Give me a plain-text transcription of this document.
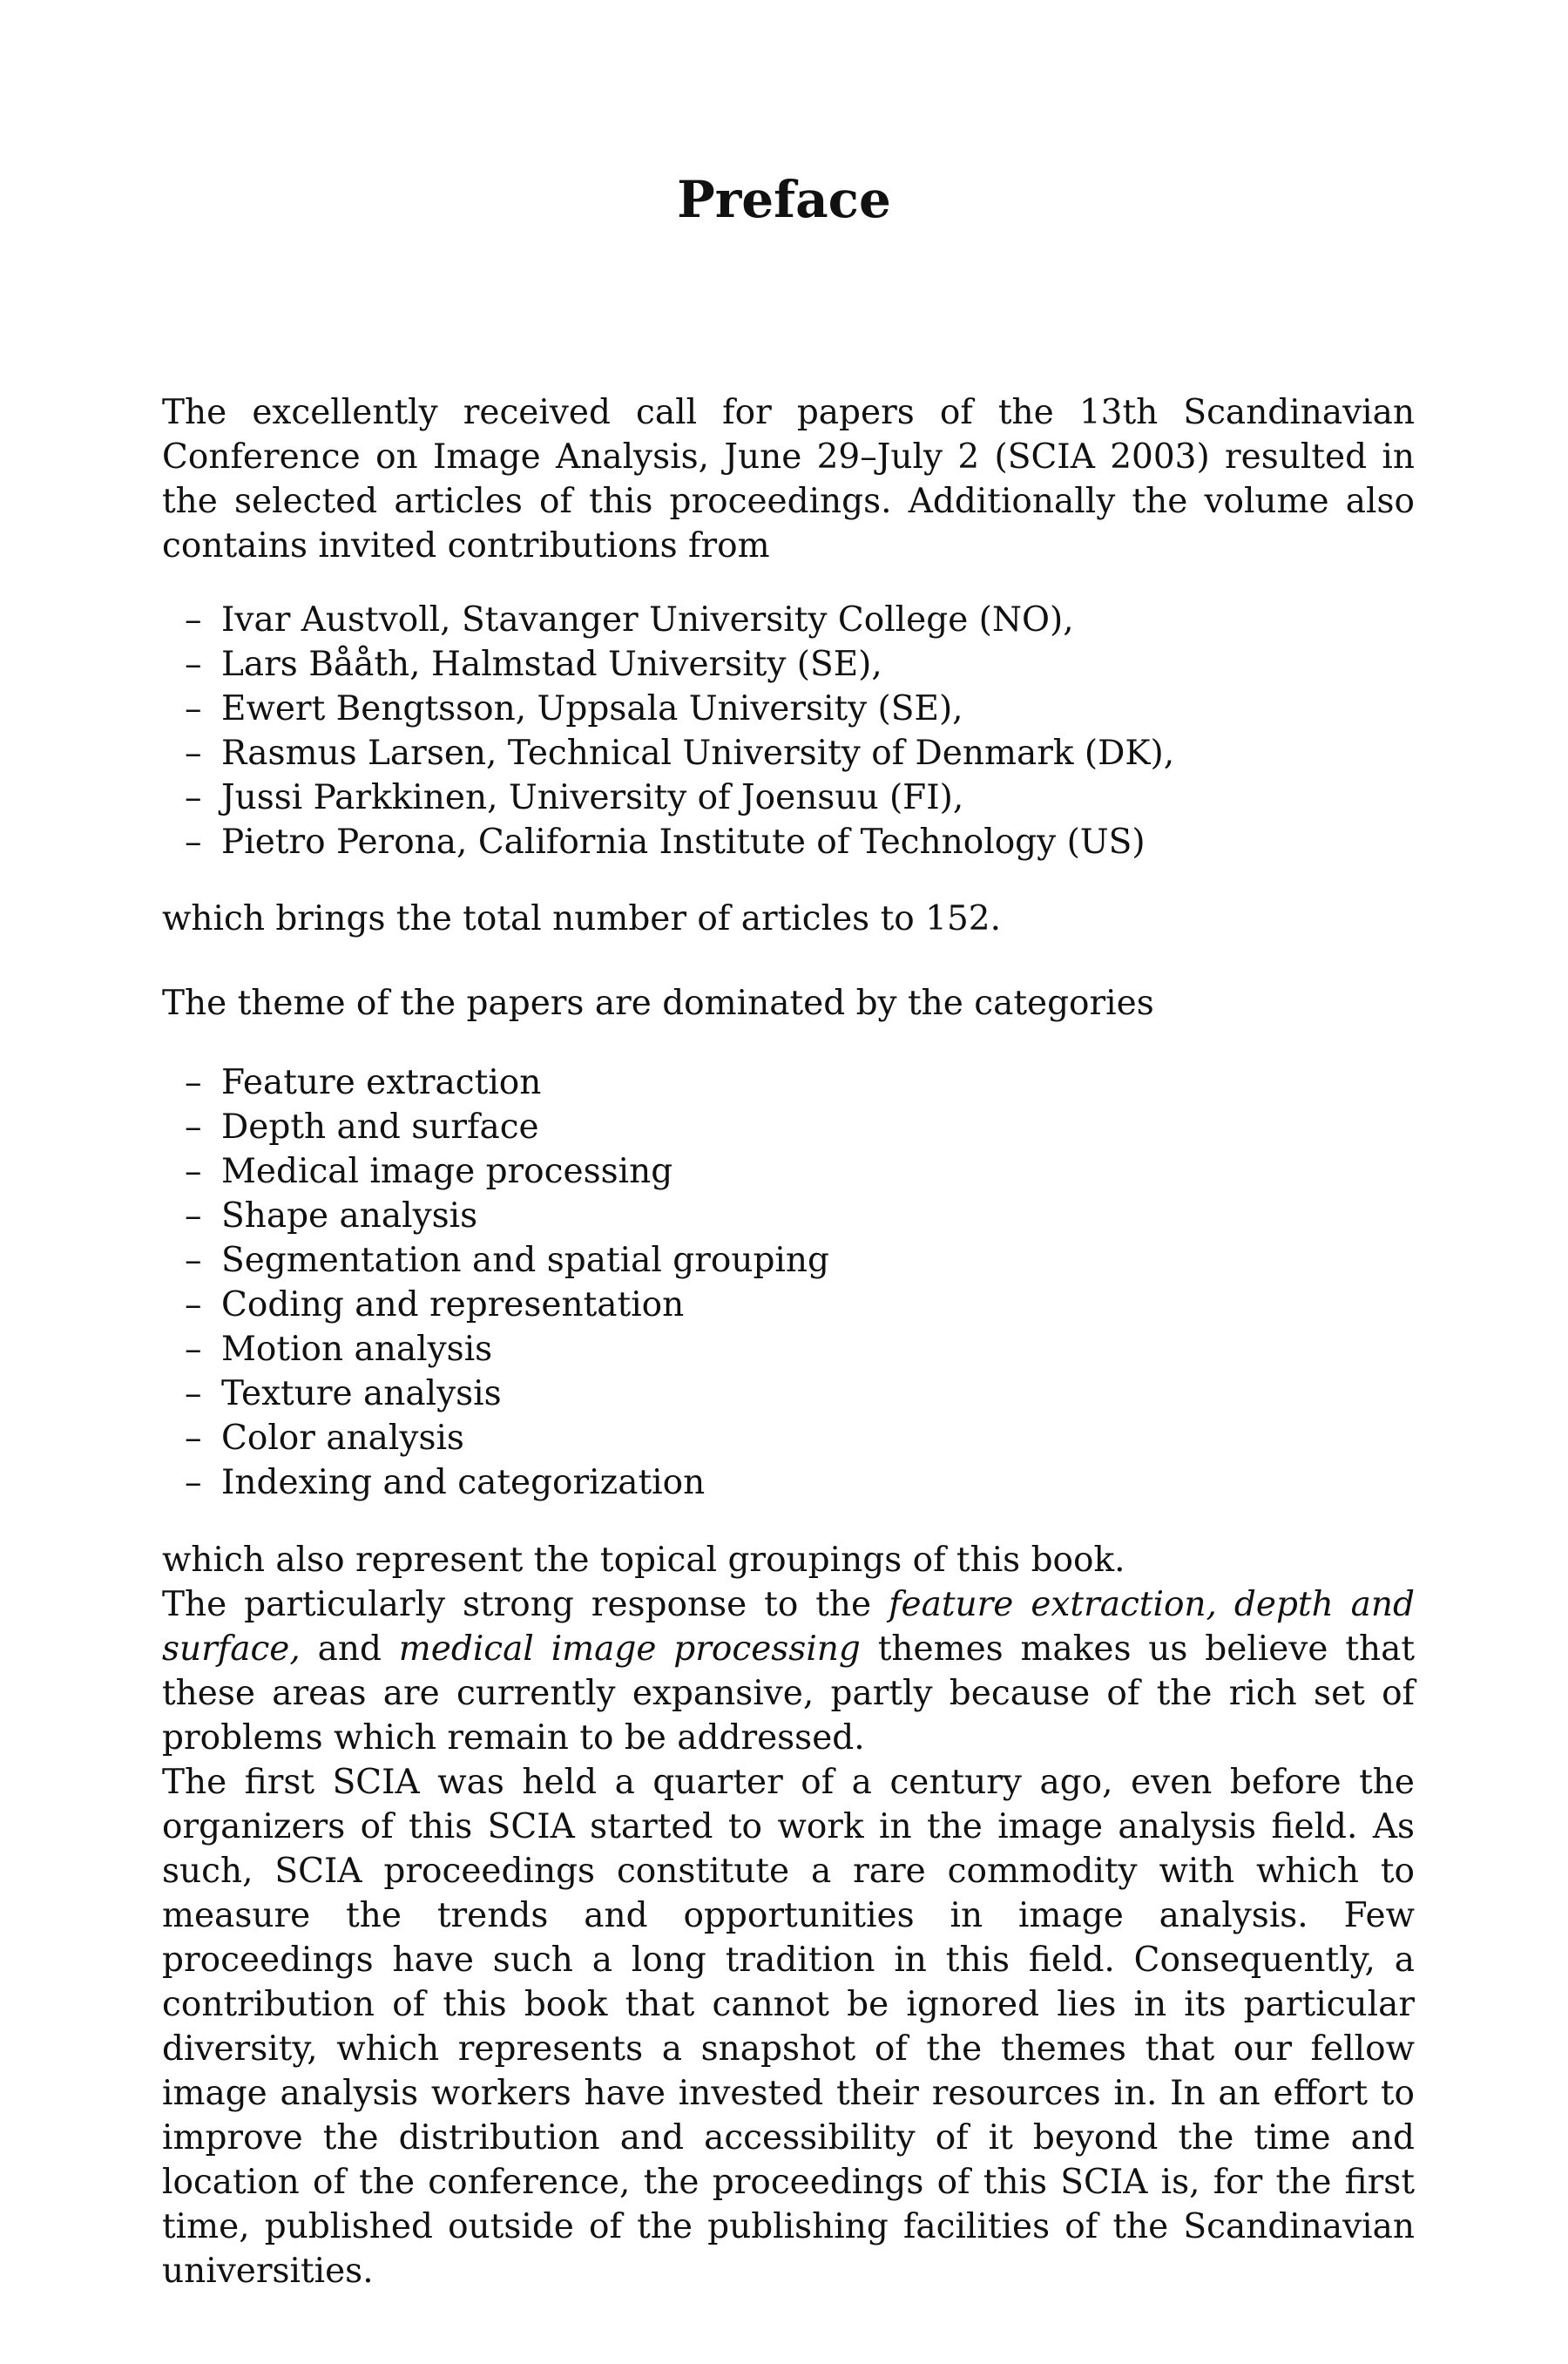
Preface

The excellently received call for papers of the 13th Scandinavian Conference on Image Analysis, June 29–July 2 (SCIA 2003) resulted in the selected articles of this proceedings. Additionally the volume also contains invited contributions from

– Ivar Austvoll, Stavanger University College (NO),
– Lars Bååth, Halmstad University (SE),
– Ewert Bengtsson, Uppsala University (SE),
– Rasmus Larsen, Technical University of Denmark (DK),
– Jussi Parkkinen, University of Joensuu (FI),
– Pietro Perona, California Institute of Technology (US)

which brings the total number of articles to 152.

The theme of the papers are dominated by the categories

– Feature extraction
– Depth and surface
– Medical image processing
– Shape analysis
– Segmentation and spatial grouping
– Coding and representation
– Motion analysis
– Texture analysis
– Color analysis
– Indexing and categorization

which also represent the topical groupings of this book.

The particularly strong response to the feature extraction, depth and surface, and medical image processing themes makes us believe that these areas are currently expansive, partly because of the rich set of problems which remain to be addressed.

The first SCIA was held a quarter of a century ago, even before the organizers of this SCIA started to work in the image analysis field. As such, SCIA proceedings constitute a rare commodity with which to measure the trends and opportunities in image analysis. Few proceedings have such a long tradition in this field. Consequently, a contribution of this book that cannot be ignored lies in its particular diversity, which represents a snapshot of the themes that our fellow image analysis workers have invested their resources in. In an effort to improve the distribution and accessibility of it beyond the time and location of the conference, the proceedings of this SCIA is, for the first time, published outside of the publishing facilities of the Scandinavian universities.
